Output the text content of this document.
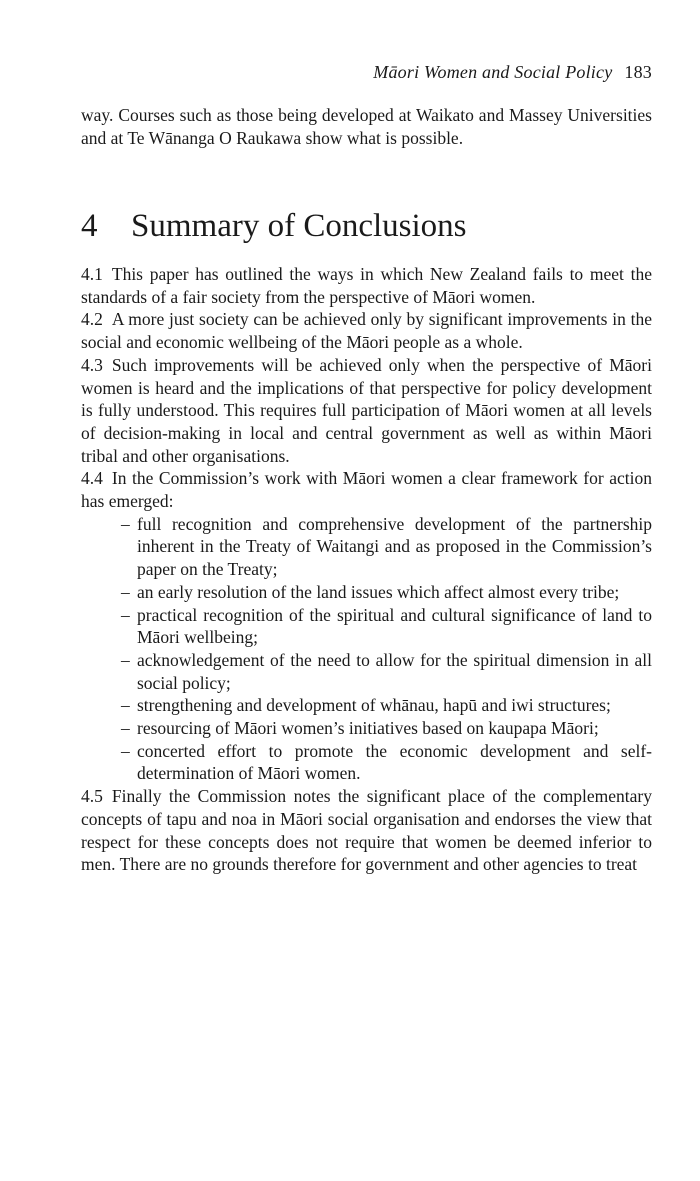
Māori Women and Social Policy 183

way. Courses such as those being developed at Waikato and Massey Universities and at Te Wānanga O Raukawa show what is possible.

4 Summary of Conclusions

4.1 This paper has outlined the ways in which New Zealand fails to meet the standards of a fair society from the perspective of Māori women.

4.2 A more just society can be achieved only by significant improvements in the social and economic wellbeing of the Māori people as a whole.

4.3 Such improvements will be achieved only when the perspective of Māori women is heard and the implications of that perspective for policy development is fully understood. This requires full participation of Māori women at all levels of decision-making in local and central government as well as within Māori tribal and other organisations.

4.4 In the Commission’s work with Māori women a clear framework for action has emerged:

– full recognition and comprehensive development of the partnership inherent in the Treaty of Waitangi and as proposed in the Commission’s paper on the Treaty;
– an early resolution of the land issues which affect almost every tribe;
– practical recognition of the spiritual and cultural significance of land to Māori wellbeing;
– acknowledgement of the need to allow for the spiritual dimension in all social policy;
– strengthening and development of whānau, hapū and iwi structures;
– resourcing of Māori women’s initiatives based on kaupapa Māori;
– concerted effort to promote the economic development and self-determination of Māori women.

4.5 Finally the Commission notes the significant place of the complementary concepts of tapu and noa in Māori social organisation and endorses the view that respect for these concepts does not require that women be deemed inferior to men. There are no grounds therefore for government and other agencies to treat
